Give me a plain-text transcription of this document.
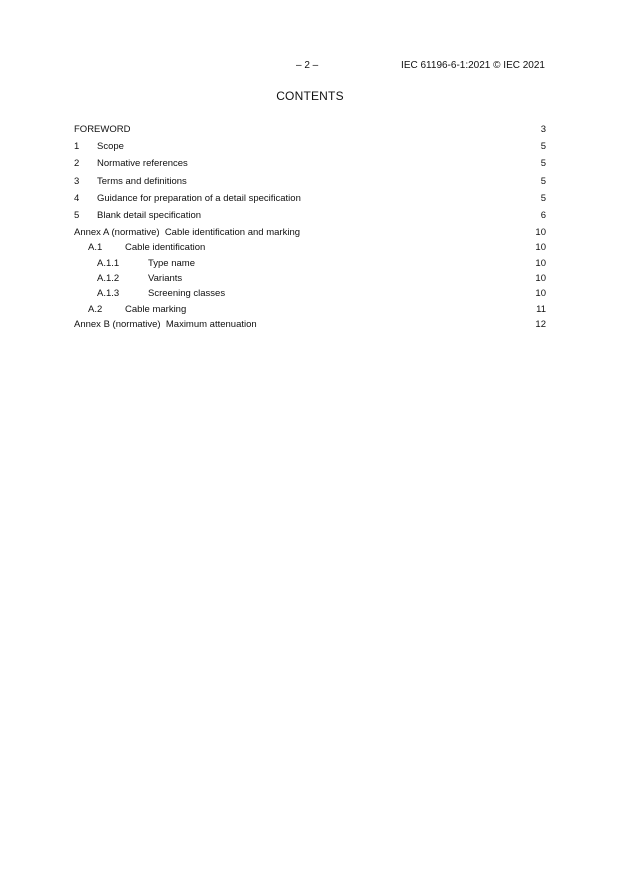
– 2 –	IEC 61196-6-1:2021 © IEC 2021
CONTENTS
FOREWORD	3
1	Scope	5
2	Normative references	5
3	Terms and definitions	5
4	Guidance for preparation of a detail specification	5
5	Blank detail specification	6
Annex A (normative)  Cable identification and marking	10
A.1	Cable identification	10
A.1.1	Type name	10
A.1.2	Variants	10
A.1.3	Screening classes	10
A.2	Cable marking	11
Annex B (normative)  Maximum attenuation	12
